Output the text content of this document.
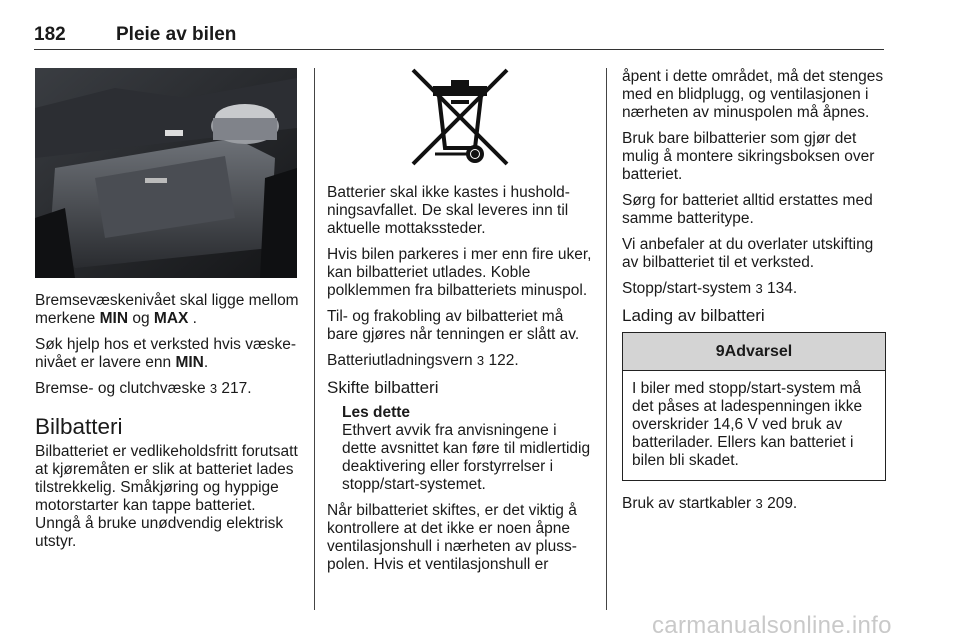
182	Pleie av bilen

Bremsevæskenivået skal ligge mellom merkene MIN og MAX .

Søk hjelp hos et verksted hvis væskenivået er lavere enn MIN.

Bremse- og clutchvæske 3 217.

Bilbatteri

Bilbatteriet er vedlikeholdsfritt forutsatt at kjøremåten er slik at batteriet lades tilstrekkelig. Småkjøring og hyppige motorstarter kan tappe batteriet. Unngå å bruke unødvendig elektrisk utstyr.

Batterier skal ikke kastes i husholdningsavfallet. De skal leveres inn til aktuelle mottakssteder.

Hvis bilen parkeres i mer enn fire uker, kan bilbatteriet utlades. Koble polklemmen fra bilbatteriets minuspol.

Til- og frakobling av bilbatteriet må bare gjøres når tenningen er slått av.

Batteriutladningsvern 3 122.

Skifte bilbatteri
Les dette
Ethvert avvik fra anvisningene i dette avsnittet kan føre til midlertidig deaktivering eller forstyrrelser i stopp/start-systemet.

Når bilbatteriet skiftes, er det viktig å kontrollere at det ikke er noen åpne ventilasjonshull i nærheten av plusspolen. Hvis et ventilasjonshull er

åpent i dette området, må det stenges med en blidplugg, og ventilasjonen i nærheten av minuspolen må åpnes.

Bruk bare bilbatterier som gjør det mulig å montere sikringsboksen over batteriet.

Sørg for batteriet alltid erstattes med samme batteritype.

Vi anbefaler at du overlater utskifting av bilbatteriet til et verksted.

Stopp/start-system 3 134.

Lading av bilbatteri
9Advarsel
I biler med stopp/start-system må det påses at ladespenningen ikke overskrider 14,6 V ved bruk av batterilader. Ellers kan batteriet i bilen bli skadet.

Bruk av startkabler 3 209.

carmanualsonline.info
